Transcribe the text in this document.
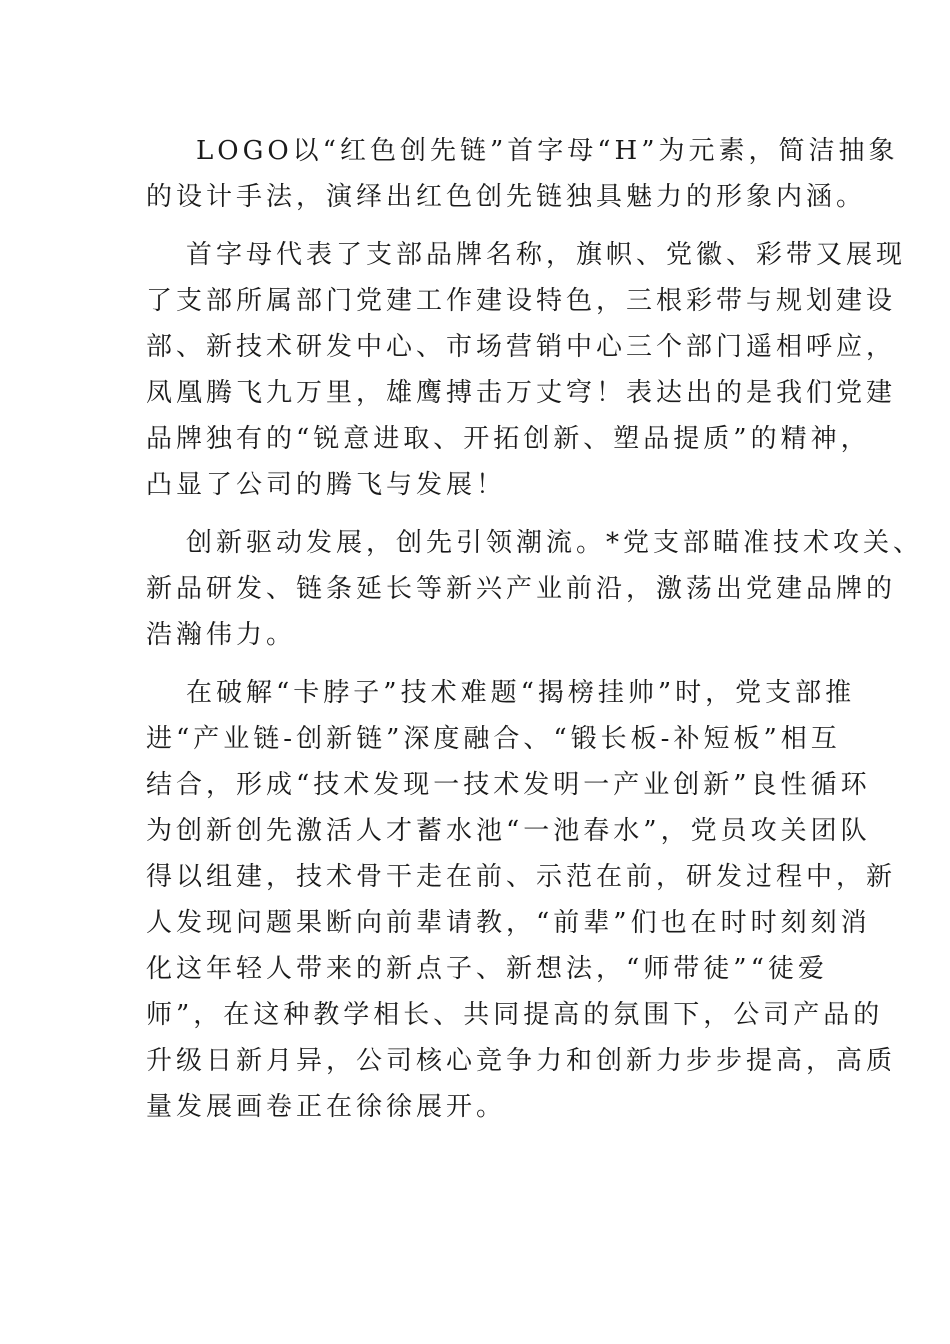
LOGO以“红色创先链”首字母“H”为元素，简洁抽象
的设计手法，演绎出红色创先链独具魅力的形象内涵。
首字母代表了支部品牌名称，旗帜、党徽、彩带又展现
了支部所属部门党建工作建设特色，三根彩带与规划建设
部、新技术研发中心、市场营销中心三个部门遥相呼应，
凤凰腾飞九万里，雄鹰搏击万丈穹！表达出的是我们党建
品牌独有的“锐意进取、开拓创新、塑品提质”的精神，
凸显了公司的腾飞与发展！
创新驱动发展，创先引领潮流。*党支部瞄准技术攻关、
新品研发、链条延长等新兴产业前沿，激荡出党建品牌的
浩瀚伟力。
在破解“卡脖子”技术难题“揭榜挂帅”时，党支部推
进“产业链-创新链”深度融合、“锻长板-补短板”相互
结合，形成“技术发现一技术发明一产业创新”良性循环
为创新创先激活人才蓄水池“一池春水”，党员攻关团队
得以组建，技术骨干走在前、示范在前，研发过程中，新
人发现问题果断向前辈请教，“前辈”们也在时时刻刻消
化这年轻人带来的新点子、新想法，“师带徒”“徒爱
师”，在这种教学相长、共同提高的氛围下，公司产品的
升级日新月异，公司核心竞争力和创新力步步提高，高质
量发展画卷正在徐徐展开。
